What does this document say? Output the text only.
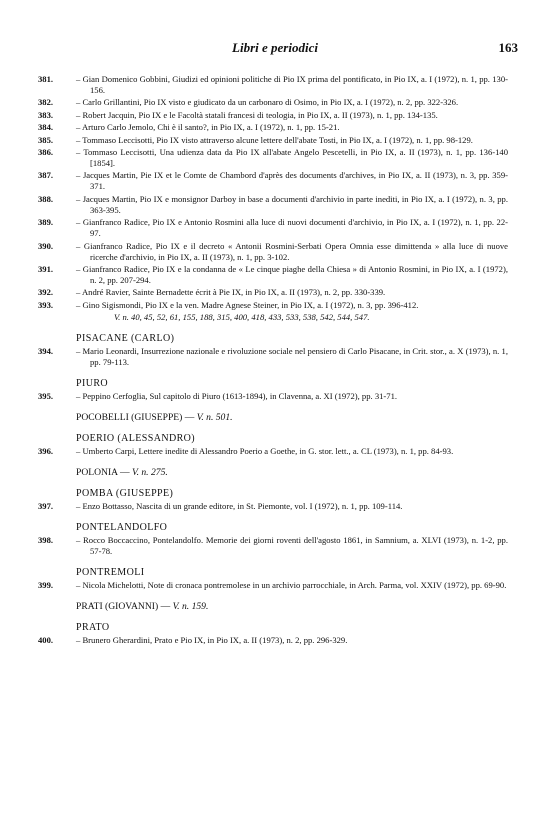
Libri e periodici	163
381.	– Gian Domenico Gobbini, Giudizi ed opinioni politiche di Pio IX prima del pontificato, in Pio IX, a. I (1972), n. 1, pp. 130-156.
382.	– Carlo Grillantini, Pio IX visto e giudicato da un carbonaro di Osimo, in Pio IX, a. I (1972), n. 2, pp. 322-326.
383.	– Robert Jacquin, Pio IX e le Facoltà statali francesi di teologia, in Pio IX, a. II (1973), n. 1, pp. 134-135.
384.	– Arturo Carlo Jemolo, Chi è il santo?, in Pio IX, a. I (1972), n. 1, pp. 15-21.
385.	– Tommaso Leccisotti, Pio IX visto attraverso alcune lettere dell'abate Tosti, in Pio IX, a. I (1972), n. 1, pp. 98-129.
386.	– Tommaso Leccisotti, Una udienza data da Pio IX all'abate Angelo Pescetelli, in Pio IX, a. II (1973), n. 1, pp. 136-140 [1854].
387.	– Jacques Martin, Pie IX et le Comte de Chambord d'après des documents d'archives, in Pio IX, a. II (1973), n. 3, pp. 359-371.
388.	– Jacques Martin, Pio IX e monsignor Darboy in base a documenti d'archivio in parte inediti, in Pio IX, a. I (1972), n. 3, pp. 363-395.
389.	– Gianfranco Radice, Pio IX e Antonio Rosmini alla luce di nuovi documenti d'archivio, in Pio IX, a. I (1972), n. 1, pp. 22-97.
390.	– Gianfranco Radice, Pio IX e il decreto « Antonii Rosmini-Serbati Opera Omnia esse dimittenda » alla luce di nuove ricerche d'archivio, in Pio IX, a. II (1973), n. 1, pp. 3-102.
391.	– Gianfranco Radice, Pio IX e la condanna de « Le cinque piaghe della Chiesa » di Antonio Rosmini, in Pio IX, a. I (1972), n. 2, pp. 207-294.
392.	– André Ravier, Sainte Bernadette écrit à Pie IX, in Pio IX, a. II (1973), n. 2, pp. 330-339.
393.	– Gino Sigismondi, Pio IX e la ven. Madre Agnese Steiner, in Pio IX, a. I (1972), n. 3, pp. 396-412.
V. n. 40, 45, 52, 61, 155, 188, 315, 400, 418, 433, 533, 538, 542, 544, 547.
PISACANE (CARLO)
394.	– Mario Leonardi, Insurrezione nazionale e rivoluzione sociale nel pensiero di Carlo Pisacane, in Crit. stor., a. X (1973), n. 1, pp. 79-113.
PIURO
395.	– Peppino Cerfoglia, Sul capitolo di Piuro (1613-1894), in Clavenna, a. XI (1972), pp. 31-71.
POCOBELLI (GIUSEPPE) — V. n. 501.
POERIO (ALESSANDRO)
396.	– Umberto Carpi, Lettere inedite di Alessandro Poerio a Goethe, in G. stor. lett., a. CL (1973), n. 1, pp. 84-93.
POLONIA — V. n. 275.
POMBA (GIUSEPPE)
397.	– Enzo Bottasso, Nascita di un grande editore, in St. Piemonte, vol. I (1972), n. 1, pp. 109-114.
PONTELANDOLFO
398.	– Rocco Boccaccino, Pontelandolfo. Memorie dei giorni roventi dell'agosto 1861, in Samnium, a. XLVI (1973), n. 1-2, pp. 57-78.
PONTREMOLI
399.	– Nicola Michelotti, Note di cronaca pontremolese in un archivio parrocchiale, in Arch. Parma, vol. XXIV (1972), pp. 69-90.
PRATI (GIOVANNI) — V. n. 159.
PRATO
400.	– Brunero Gherardini, Prato e Pio IX, in Pio IX, a. II (1973), n. 2, pp. 296-329.
